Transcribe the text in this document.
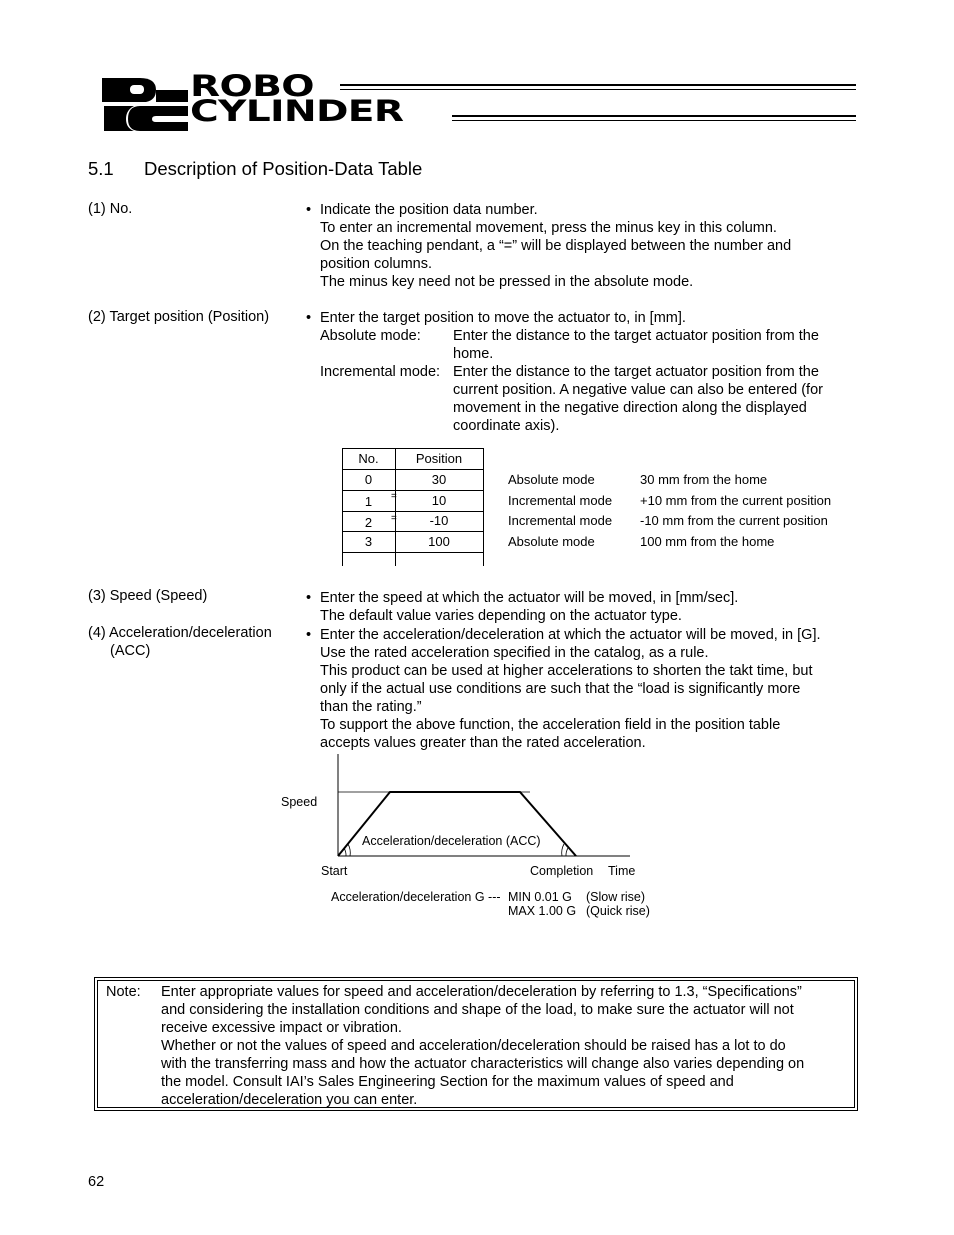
ROBO
CYLINDER
5.1 Description of Position-Data Table
(1) No.	• Indicate the position data number.
To enter an incremental movement, press the minus key in this column.
On the teaching pendant, a “=” will be displayed between the number and
position columns.
The minus key need not be pressed in the absolute mode.
(2) Target position (Position)	• Enter the target position to move the actuator to, in [mm].
Absolute mode:	Enter the distance to the target actuator position from the
home.
Incremental mode: Enter the distance to the target actuator position from the
current position. A negative value can also be entered (for
movement in the negative direction along the displayed
coordinate axis).
No.	Position
0	30
1	=	10
2	=	-10
3	100
Absolute mode	30 mm from the home
Incremental mode +10 mm from the current position
Incremental mode -10 mm from the current position
Absolute mode	100 mm from the home
(3) Speed (Speed)	• Enter the speed at which the actuator will be moved, in [mm/sec].
The default value varies depending on the actuator type.
(4) Acceleration/deceleration
(ACC)
• Enter the acceleration/deceleration at which the actuator will be moved, in [G].
Use the rated acceleration specified in the catalog, as a rule.
This product can be used at higher accelerations to shorten the takt time, but
only if the actual use conditions are such that the “load is significantly more
than the rating.”
To support the above function, the acceleration field in the position table
accepts values greater than the rated acceleration.
Speed
Acceleration/deceleration (ACC)
Start	Completion Time
Acceleration/deceleration G --- MIN 0.01 G (Slow rise)
MAX 1.00 G (Quick rise)
Note: Enter appropriate values for speed and acceleration/deceleration by referring to 1.3, “Specifications”
and considering the installation conditions and shape of the load, to make sure the actuator will not
receive excessive impact or vibration.
Whether or not the values of speed and acceleration/deceleration should be raised has a lot to do
with the transferring mass and how the actuator characteristics will change also varies depending on
the model. Consult IAI’s Sales Engineering Section for the maximum values of speed and
acceleration/deceleration you can enter.
62
